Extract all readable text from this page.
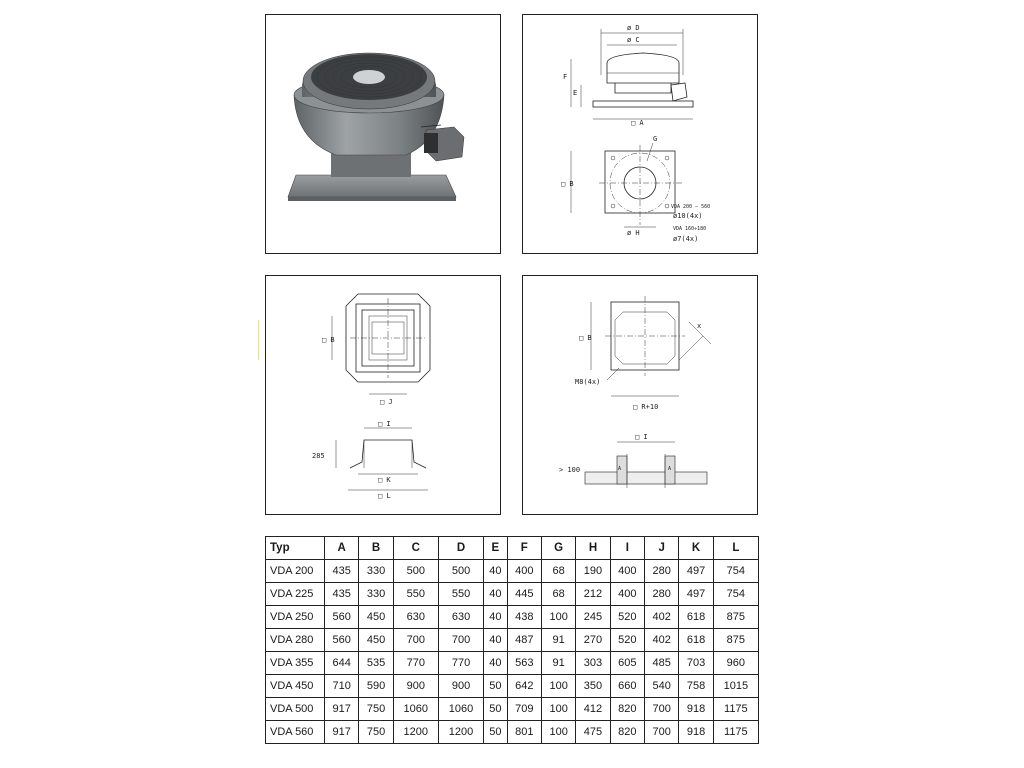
ø D
ø C
F
E
□ A
G
□ B
ø H
VDA 200 – 560
ø10(4x)
VDA 160÷180
ø7(4x)
□ B
□ J
□ I
285
□ K
□ L
□ B
x
M8(4x)
□ R+10
□ I
> 100	A	A
Typ	A	B	C	D	E	F	G	H	I	J	K	L
VDA 200	435	330	500	500	40	400	68	190	400	280	497	754
VDA 225	435	330	550	550	40	445	68	212	400	280	497	754
VDA 250	560	450	630	630	40	438	100	245	520	402	618	875
VDA 280	560	450	700	700	40	487	91	270	520	402	618	875
VDA 355	644	535	770	770	40	563	91	303	605	485	703	960
VDA 450	710	590	900	900	50	642	100	350	660	540	758	1015
VDA 500	917	750	1060	1060	50	709	100	412	820	700	918	1175
VDA 560	917	750	1200	1200	50	801	100	475	820	700	918	1175
